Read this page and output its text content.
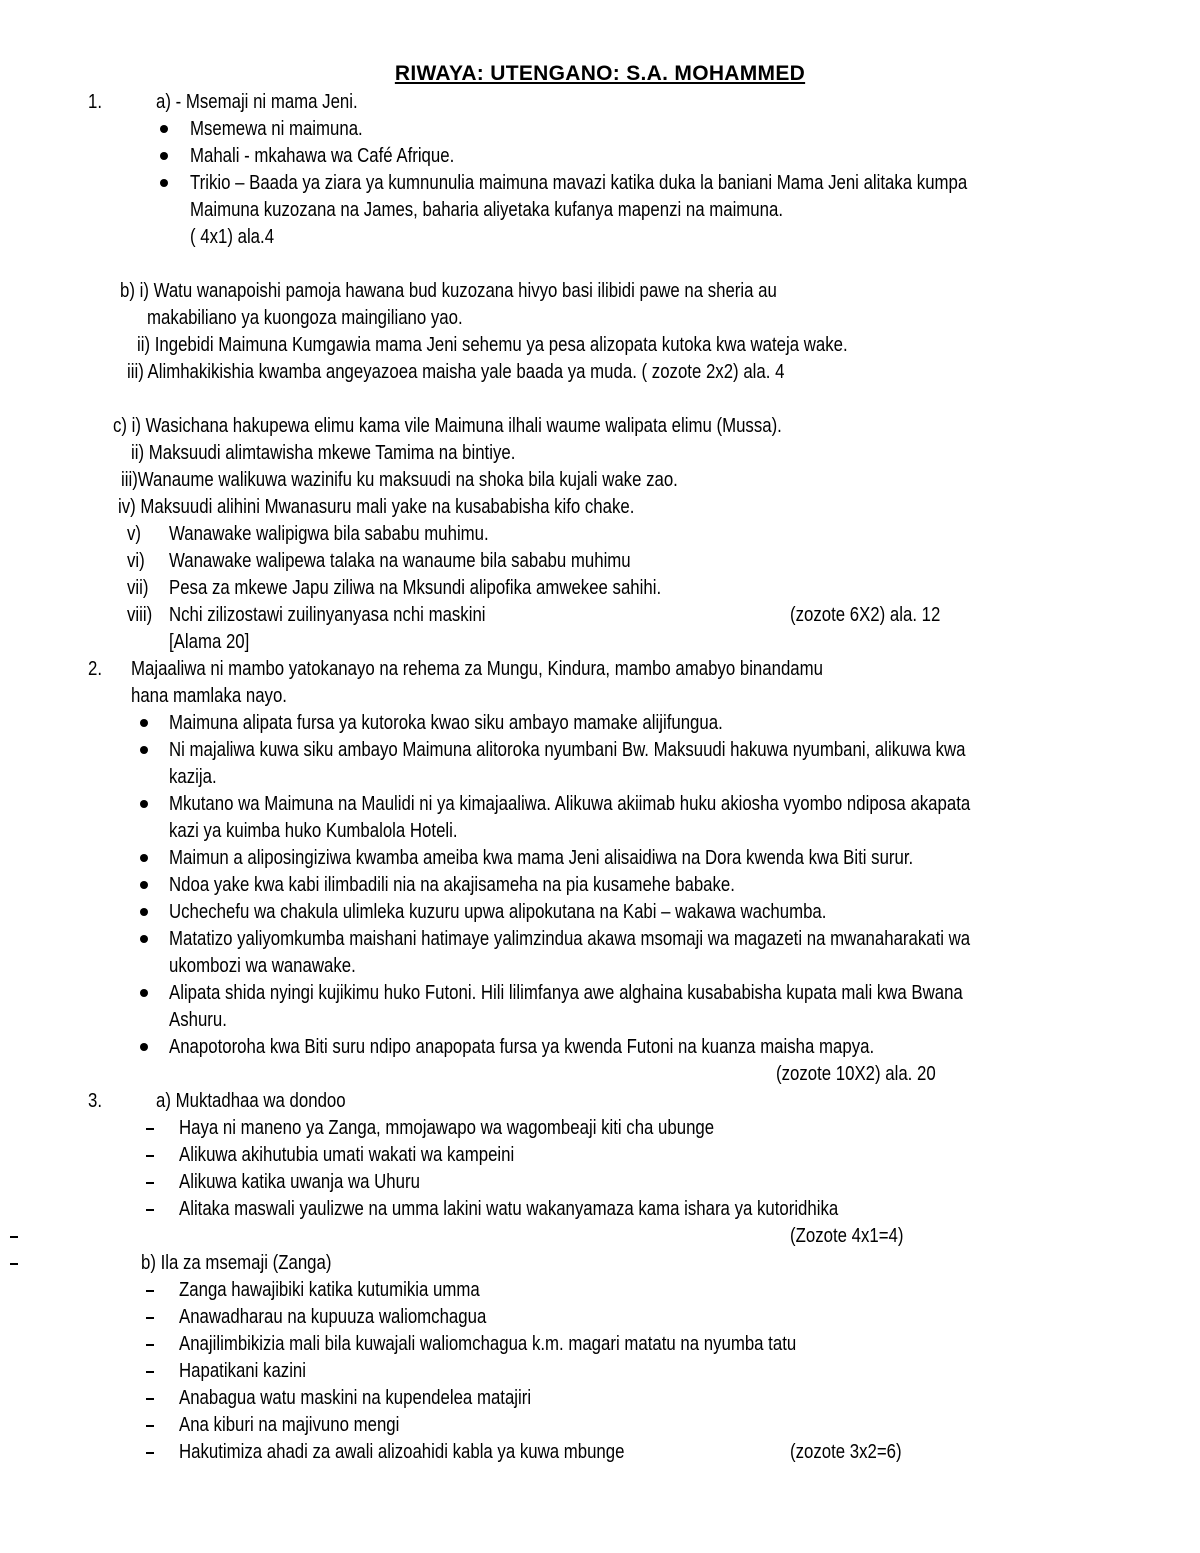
RIWAYA: UTENGANO: S.A. MOHAMMED
1.	a) - Msemaji ni mama Jeni.
Msemewa ni maimuna.
Mahali - mkahawa wa Café Afrique.
Trikio – Baada ya ziara ya kumnunulia maimuna mavazi katika duka la baniani Mama Jeni alitaka kumpa
Maimuna kuzozana na James, baharia aliyetaka kufanya mapenzi na maimuna.
( 4x1) ala.4
b) i) Watu wanapoishi pamoja hawana bud kuzozana hivyo basi ilibidi pawe na sheria au
makabiliano ya kuongoza maingiliano yao.
ii) Ingebidi Maimuna Kumgawia mama Jeni sehemu ya pesa alizopata kutoka kwa wateja wake.
iii) Alimhakikishia kwamba angeyazoea maisha yale baada ya muda. ( zozote 2x2) ala. 4
c) i) Wasichana hakupewa elimu kama vile Maimuna ilhali waume walipata elimu (Mussa).
ii) Maksuudi alimtawisha mkewe Tamima na bintiye.
iii)Wanaume walikuwa wazinifu ku maksuudi na shoka bila kujali wake zao.
iv) Maksuudi alihini Mwanasuru mali yake na kusababisha kifo chake.
v) Wanawake walipigwa bila sababu muhimu.
vi) Wanawake walipewa talaka na wanaume bila sababu muhimu
vii) Pesa za mkewe Japu ziliwa na Mksundi alipofika amwekee sahihi.
viii) Nchi zilizostawi zuilinyanyasa nchi maskini	(zozote 6X2) ala. 12
[Alama 20]
2. Majaaliwa ni mambo yatokanayo na rehema za Mungu, Kindura, mambo amabyo binandamu
hana mamlaka nayo.
Maimuna alipata fursa ya kutoroka kwao siku ambayo mamake alijifungua.
Ni majaliwa kuwa siku ambayo Maimuna alitoroka nyumbani Bw. Maksuudi hakuwa nyumbani, alikuwa kwa
kazija.
Mkutano wa Maimuna na Maulidi ni ya kimajaaliwa. Alikuwa akiimab huku akiosha vyombo ndiposa akapata
kazi ya kuimba huko Kumbalola Hoteli.
Maimun a aliposingiziwa kwamba ameiba kwa mama Jeni alisaidiwa na Dora kwenda kwa Biti surur.
Ndoa yake kwa kabi ilimbadili nia na akajisameha na pia kusamehe babake.
Uchechefu wa chakula ulimleka kuzuru upwa alipokutana na Kabi – wakawa wachumba.
Matatizo yaliyomkumba maishani hatimaye yalimzindua akawa msomaji wa magazeti na mwanaharakati wa
ukombozi wa wanawake.
Alipata shida nyingi kujikimu huko Futoni. Hili lilimfanya awe alghaina kusababisha kupata mali kwa Bwana
Ashuru.
Anapotoroha kwa Biti suru ndipo anapopata fursa ya kwenda Futoni na kuanza maisha mapya.
(zozote 10X2) ala. 20
3.	a) Muktadhaa wa dondoo
Haya ni maneno ya Zanga, mmojawapo wa wagombeaji kiti cha ubunge
Alikuwa akihutubia umati wakati wa kampeini
Alikuwa katika uwanja wa Uhuru
Alitaka maswali yaulizwe na umma lakini watu wakanyamaza kama ishara ya kutoridhika
(Zozote 4x1=4)
b) Ila za msemaji (Zanga)
Zanga hawajibiki katika kutumikia umma
Anawadharau na kupuuza waliomchagua
Anajilimbikizia mali bila kuwajali waliomchagua k.m. magari matatu na nyumba tatu
Hapatikani kazini
Anabagua watu maskini na kupendelea matajiri
Ana kiburi na majivuno mengi
Hakutimiza ahadi za awali alizoahidi kabla ya kuwa mbunge	(zozote 3x2=6)
